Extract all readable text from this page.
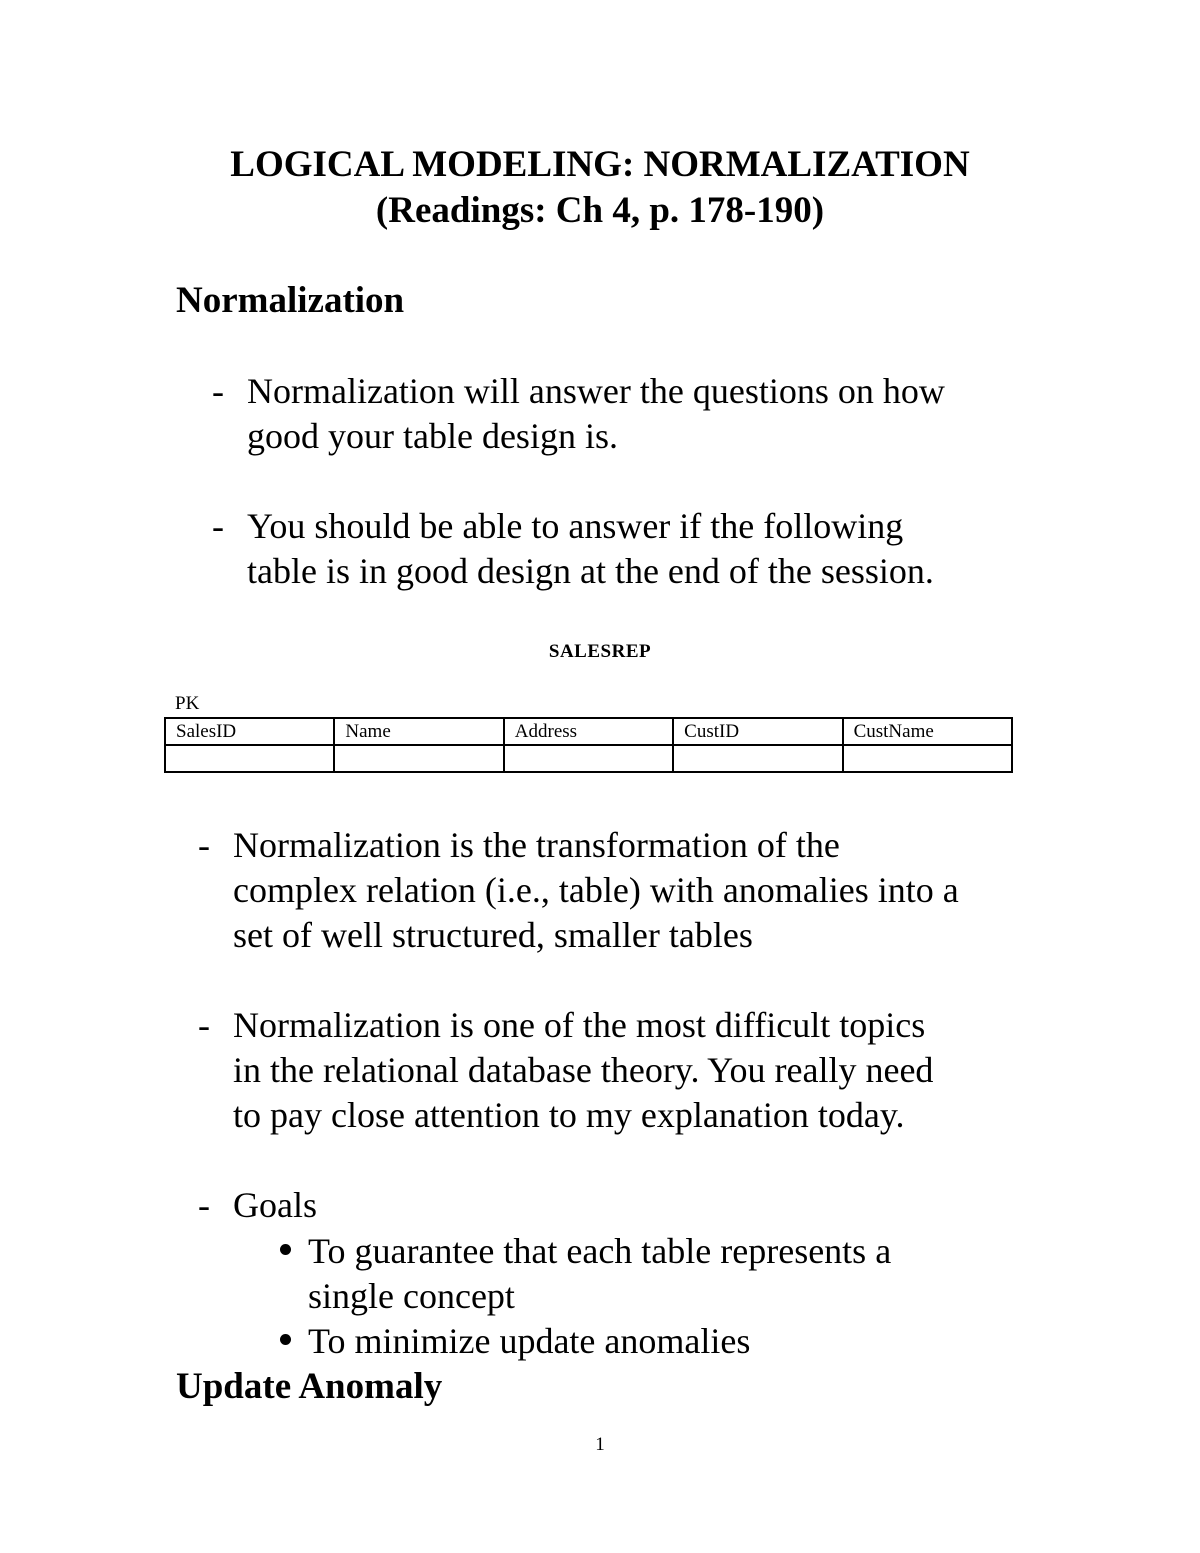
LOGICAL MODELING: NORMALIZATION
(Readings: Ch 4, p. 178-190)
Normalization
- Normalization will answer the questions on how
good your table design is.
- You should be able to answer if the following
table is in good design at the end of the session.
SALESREP
PK
SalesID	Name	Address	CustID	CustName

- Normalization is the transformation of the
complex relation (i.e., table) with anomalies into a
set of well structured, smaller tables
- Normalization is one of the most difficult topics
in the relational database theory. You really need
to pay close attention to my explanation today.
- Goals
To guarantee that each table represents a
single concept
To minimize update anomalies
Update Anomaly
1
